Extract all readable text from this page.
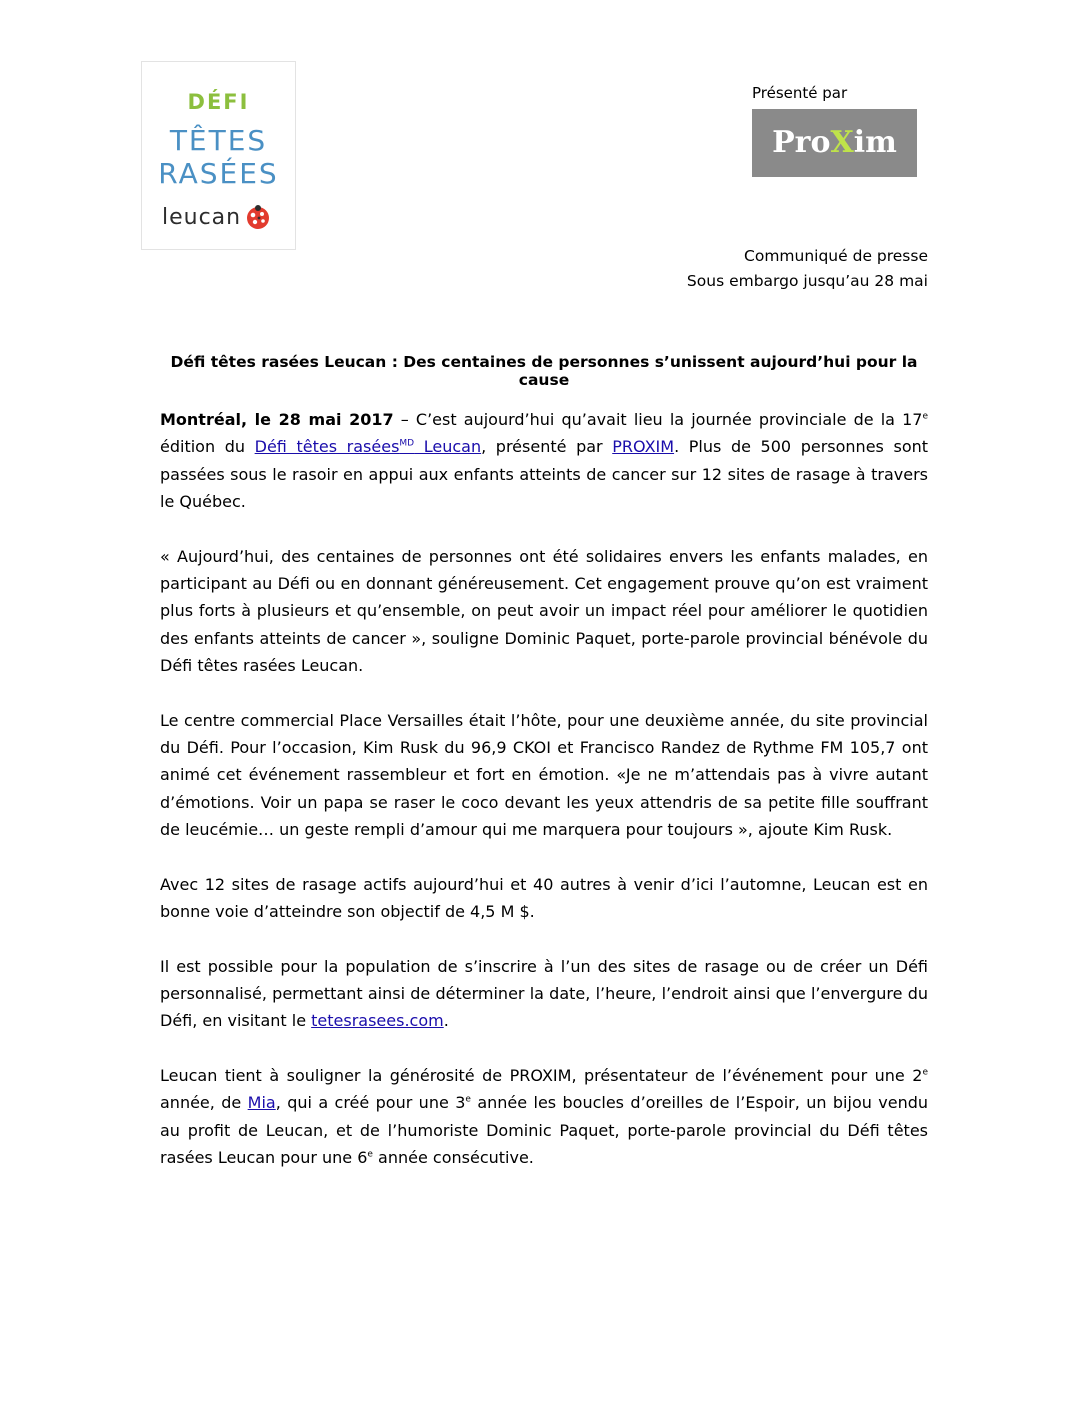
DÉFI
TÊTES
RASÉES
leucan
Présenté par
ProXim
Communiqué de presse
Sous embargo jusqu’au 28 mai
Défi têtes rasées Leucan : Des centaines de personnes s’unissent aujourd’hui pour la cause

Montréal, le 28 mai 2017 – C’est aujourd’hui qu’avait lieu la journée provinciale de la 17e édition du Défi têtes rasées$^{MD}$ Leucan, présenté par PROXIM. Plus de 500 personnes sont passées sous le rasoir en appui aux enfants atteints de cancer sur 12 sites de rasage à travers le Québec.

« Aujourd’hui, des centaines de personnes ont été solidaires envers les enfants malades, en participant au Défi ou en donnant généreusement. Cet engagement prouve qu’on est vraiment plus forts à plusieurs et qu’ensemble, on peut avoir un impact réel pour améliorer le quotidien des enfants atteints de cancer », souligne Dominic Paquet, porte-parole provincial bénévole du Défi têtes rasées Leucan.

Le centre commercial Place Versailles était l’hôte, pour une deuxième année, du site provincial du Défi. Pour l’occasion, Kim Rusk du 96,9 CKOI et Francisco Randez de Rythme FM 105,7 ont animé cet événement rassembleur et fort en émotion. «Je ne m’attendais pas à vivre autant d’émotions. Voir un papa se raser le coco devant les yeux attendris de sa petite fille souffrant de leucémie… un geste rempli d’amour qui me marquera pour toujours », ajoute Kim Rusk.

Avec 12 sites de rasage actifs aujourd’hui et 40 autres à venir d’ici l’automne, Leucan est en bonne voie d’atteindre son objectif de 4,5 M $.

Il est possible pour la population de s’inscrire à l’un des sites de rasage ou de créer un Défi personnalisé, permettant ainsi de déterminer la date, l’heure, l’endroit ainsi que l’envergure du Défi, en visitant le tetesrasees.com.

Leucan tient à souligner la générosité de PROXIM, présentateur de l’événement pour une 2e année, de Mia, qui a créé pour une 3e année les boucles d’oreilles de l’Espoir, un bijou vendu au profit de Leucan, et de l’humoriste Dominic Paquet, porte-parole provincial du Défi têtes rasées Leucan pour une 6e année consécutive.
